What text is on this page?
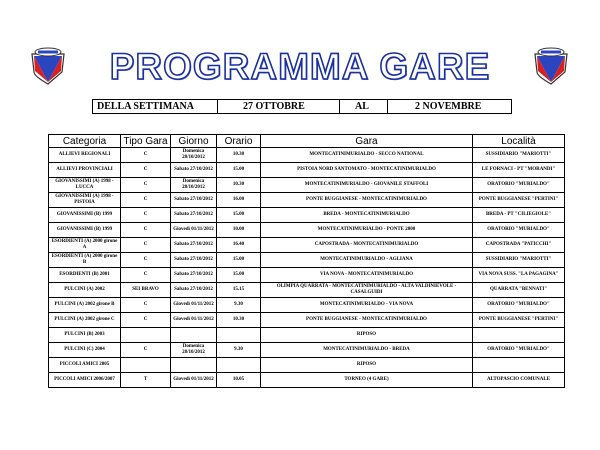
PROGRAMMA GARE
DELLA SETTIMANA	27 OTTOBRE	AL	2 NOVEMBRE
Categoria	Tipo Gara	Giorno	Orario	Gara	Località
ALLIEVI REGIONALI	C	Domenica 28/10/2012	10.30	MONTECATINIMURIALDO - SECCO NATIONAL	SUSSIDIARIO "MARIOTTI"
ALLIEVI PROVINCIALI	C	Sabato 27/10/2012	15.00	PISTOIA NORD SANTOMATO - MONTECATINIMURIALDO	LE FORNACI - PT "MORANDI"
GIOVANISSIMI (A) 1998 - LUCCA	C	Domenica 28/10/2012	10.30	MONTECATINIMURIALDO - GIOVANILE STAFFOLI	ORATORIO "MURIALDO"
GIOVANISSIMI (A) 1998 - PISTOIA	C	Sabato 27/10/2012	16.00	PONTE BUGGIANESE - MONTECATINIMURIALDO	PONTE BUGGIANESE "PERTINI"
GIOVANISSIMI (B) 1999	C	Sabato 27/10/2012	15.00	BREDA - MONTECATINIMURIALDO	BREDA - PT "CILIEGIOLE"
GIOVANISSIMI (B) 1999	C	Giovedì 01/11/2012	10.00	MONTECATINIMURIALDO - PONTE 2000	ORATORIO "MURIALDO"
ESORDIENTI (A) 2000 girone A	C	Sabato 27/10/2012	16.40	CAPOSTRADA - MONTECATINIMURIALDO	CAPOSTRADA "PATICCHI"
ESORDIENTI (A) 2000 girone B	C	Sabato 27/10/2012	15.00	MONTECATINIMURIALDO - AGLIANA	SUSSIDIARIO "MARIOTTI"
ESORDIENTI (B) 2001	C	Sabato 27/10/2012	15.00	VIA NOVA - MONTECATINIMURIALDO	VIA NOVA SUSS. "LA PAGAGINA"
PULCINI (A) 2002	SEI BRAVO	Sabato 27/10/2012	15.15	OLIMPIA QUARRATA - MONTECATINIMURIALDO - ALTA VALDINIEVOLE - CASALGUIDI	QUARRATA "BENNATI"
PULCINI (A) 2002 girone B	C	Giovedì 01/11/2012	9.30	MONTECATINIMURIALDO - VIA NOVA	ORATORIO "MURIALDO"
PULCINI (A) 2002 girone C	C	Giovedì 01/11/2012	10.30	PONTE BUGGIANESE - MONTECATINIMURIALDO	PONTE BUGGIANESE "PERTINI"
PULCINI (B) 2003				RIPOSO	
PULCINI (C) 2004	C	Domenica 28/10/2012	9.30	MONTECATINIMURIALDO - BREDA	ORATORIO "MURIALDO"
PICCOLI AMICI 2005				RIPOSO	
PICCOLI AMICI 2006/2007	T	Giovedì 01/11/2012	10.05	TORNEO (4 GARE)	ALTOPASCIO COMUNALE
